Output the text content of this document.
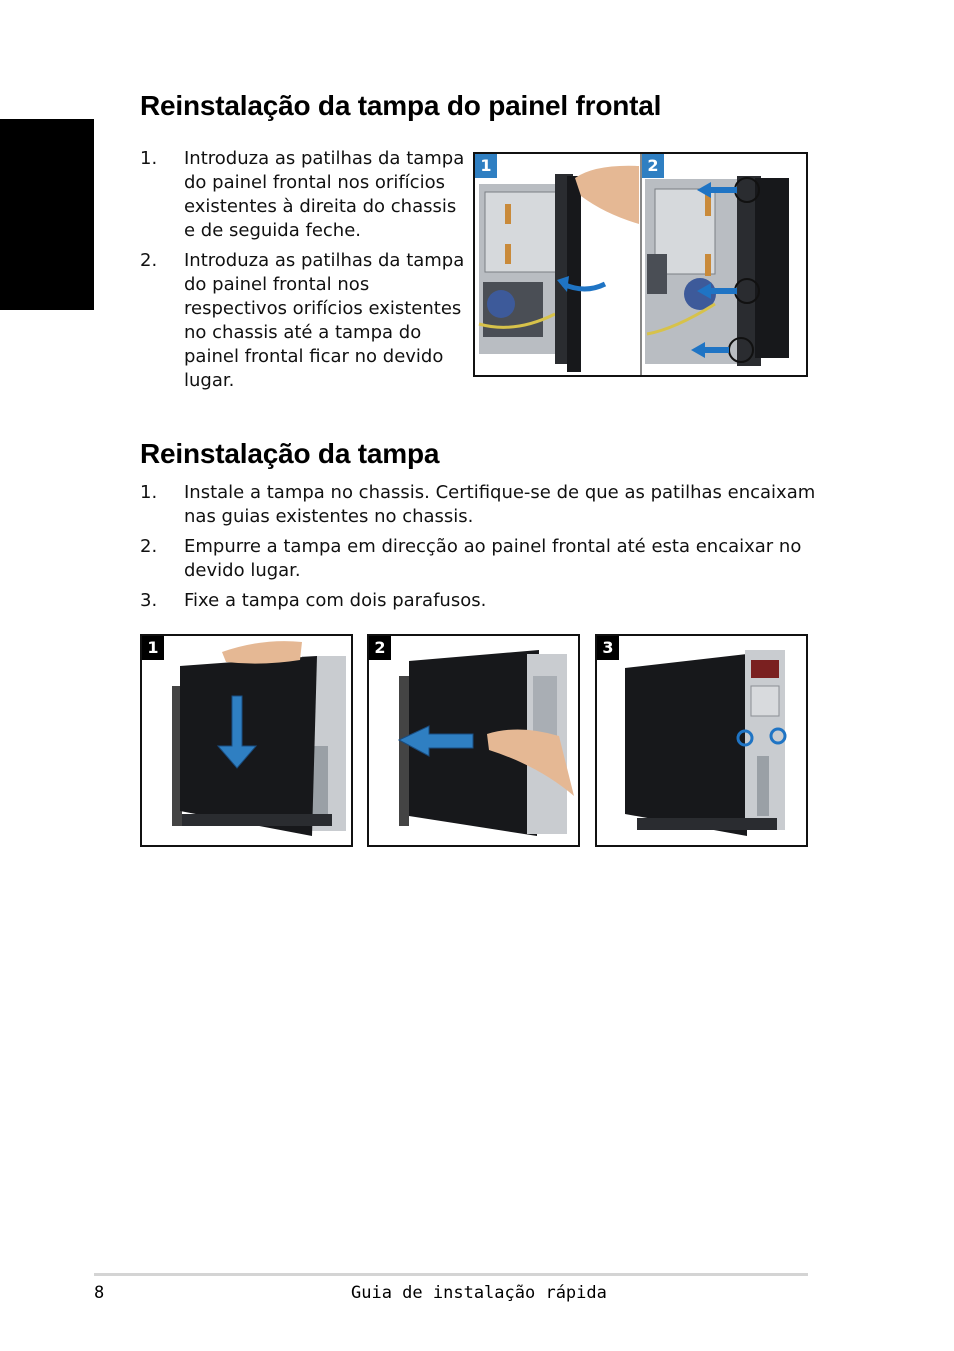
Reinstalação da tampa do painel frontal
1. Introduza as patilhas da tampa
do painel frontal nos orifícios
existentes à direita do chassis
e de seguida feche.
2. Introduza as patilhas da tampa
do painel frontal nos
respectivos orifícios existentes
no chassis até a tampa do
painel frontal ficar no devido
lugar.
1	2
Reinstalação da tampa
1. Instale a tampa no chassis. Certifique-se de que as patilhas encaixam
nas guias existentes no chassis.
2. Empurre a tampa em direcção ao painel frontal até esta encaixar no
devido lugar.
3. Fixe a tampa com dois parafusos.
1	2	3
8	Guia de instalação rápida
